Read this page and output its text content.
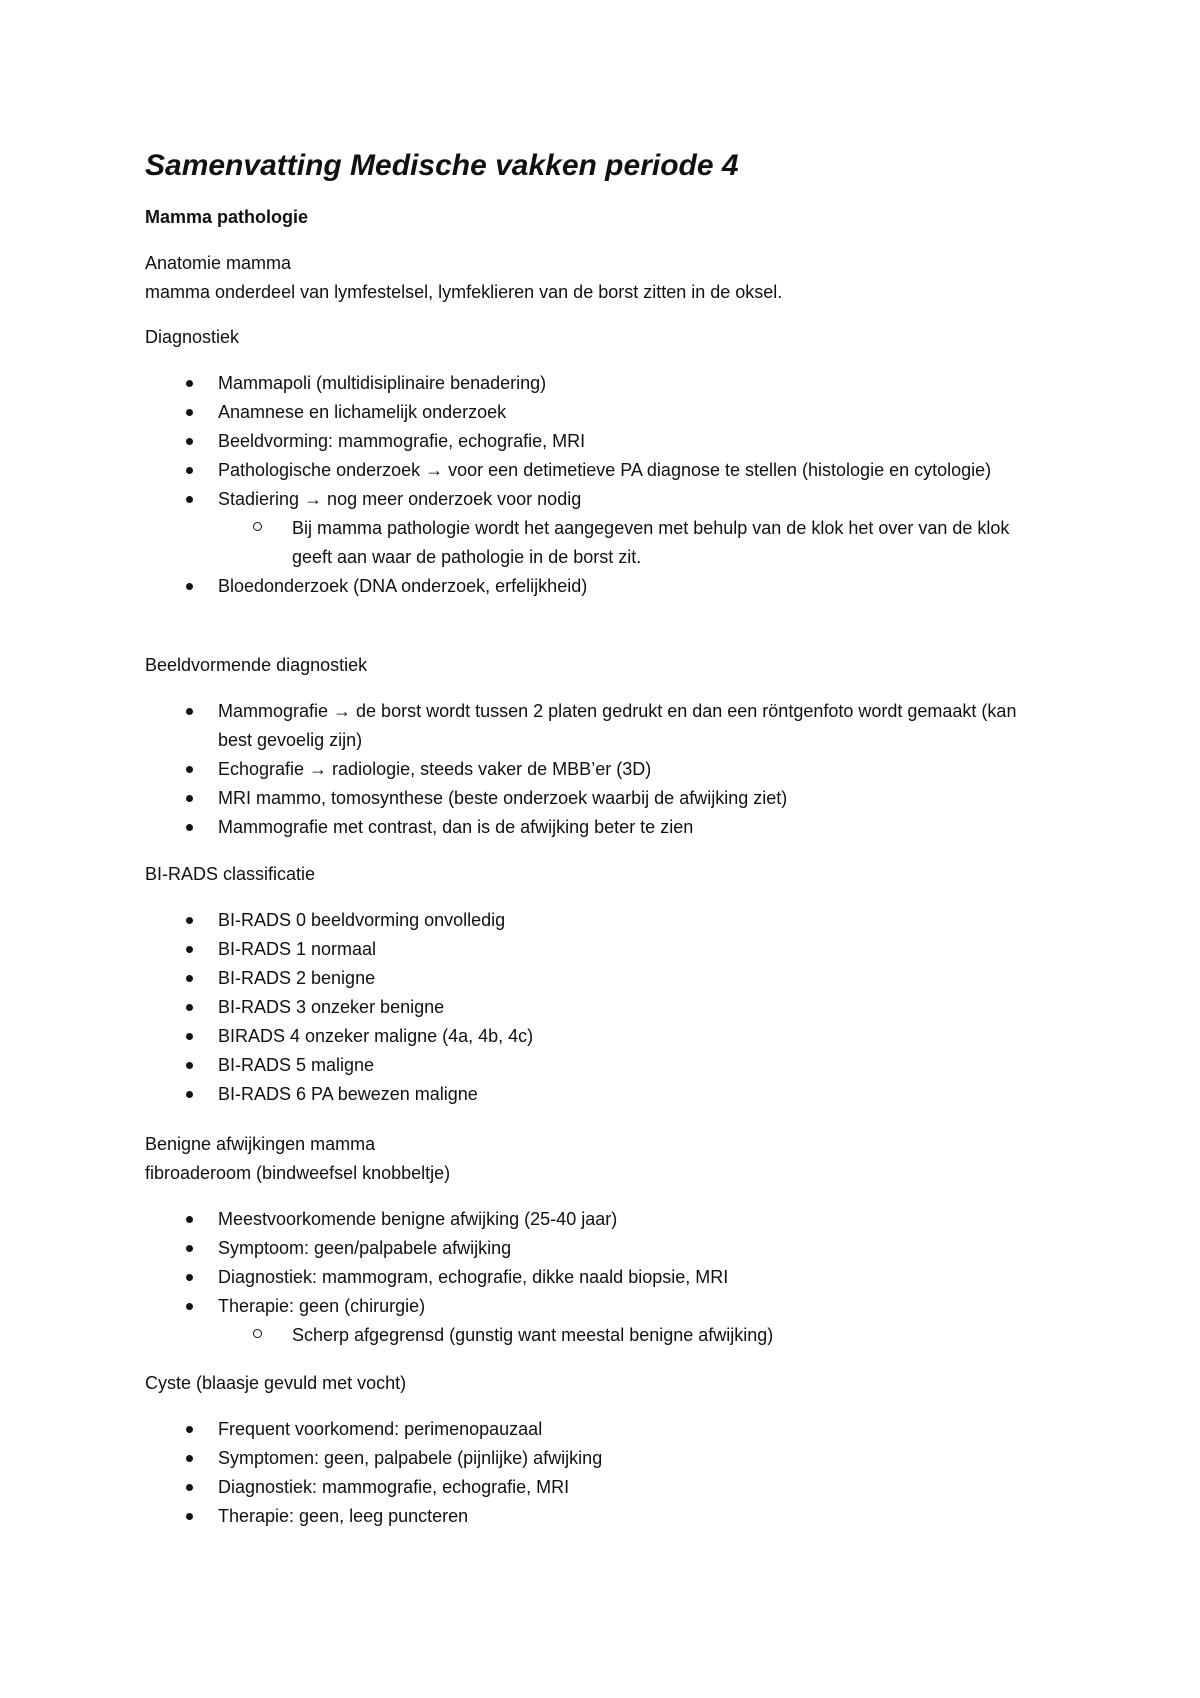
Samenvatting Medische vakken periode 4

Mamma pathologie

Anatomie mamma

mamma onderdeel van lymfestelsel, lymfeklieren van de borst zitten in de oksel.

Diagnostiek

Mammapoli (multidisiplinaire benadering)
Anamnese en lichamelijk onderzoek
Beeldvorming: mammografie, echografie, MRI
Pathologische onderzoek → voor een detimetieve PA diagnose te stellen (histologie en cytologie)
Stadiering → nog meer onderzoek voor nodig
Bij mamma pathologie wordt het aangegeven met behulp van de klok het over van de klok geeft aan waar de pathologie in de borst zit.
Bloedonderzoek (DNA onderzoek, erfelijkheid)

Beeldvormende diagnostiek

Mammografie → de borst wordt tussen 2 platen gedrukt en dan een röntgenfoto wordt gemaakt (kan best gevoelig zijn)
Echografie → radiologie, steeds vaker de MBB’er (3D)
MRI mammo, tomosynthese (beste onderzoek waarbij de afwijking ziet)
Mammografie met contrast, dan is de afwijking beter te zien

BI-RADS classificatie

BI-RADS 0 beeldvorming onvolledig
BI-RADS 1 normaal
BI-RADS 2 benigne
BI-RADS 3 onzeker benigne
BIRADS 4 onzeker maligne (4a, 4b, 4c)
BI-RADS 5 maligne
BI-RADS 6 PA bewezen maligne

Benigne afwijkingen mamma

fibroaderoom (bindweefsel knobbeltje)

Meestvoorkomende benigne afwijking (25-40 jaar)
Symptoom: geen/palpabele afwijking
Diagnostiek: mammogram, echografie, dikke naald biopsie, MRI
Therapie: geen (chirurgie)
Scherp afgegrensd (gunstig want meestal benigne afwijking)

Cyste (blaasje gevuld met vocht)

Frequent voorkomend: perimenopauzaal
Symptomen: geen, palpabele (pijnlijke) afwijking
Diagnostiek: mammografie, echografie, MRI
Therapie: geen, leeg puncteren
